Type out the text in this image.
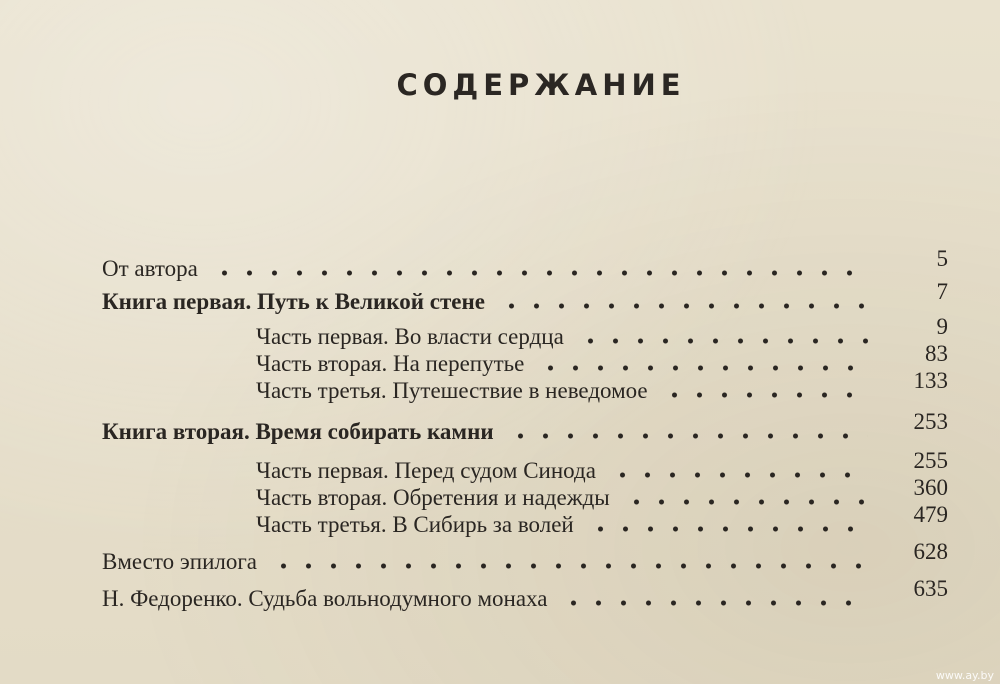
СОДЕРЖАНИЕ
От автора	5
Книга первая. Путь к Великой стене	7
Часть первая. Во власти сердца	9
Часть вторая. На перепутье	83
Часть третья. Путешествие в неведомое	133
Книга вторая. Время собирать камни	253
Часть первая. Перед судом Синода	255
Часть вторая. Обретения и надежды	360
Часть третья. В Сибирь за волей	479
Вместо эпилога	628
Н. Федоренко. Судьба вольнодумного монаха	635
www.ay.by
